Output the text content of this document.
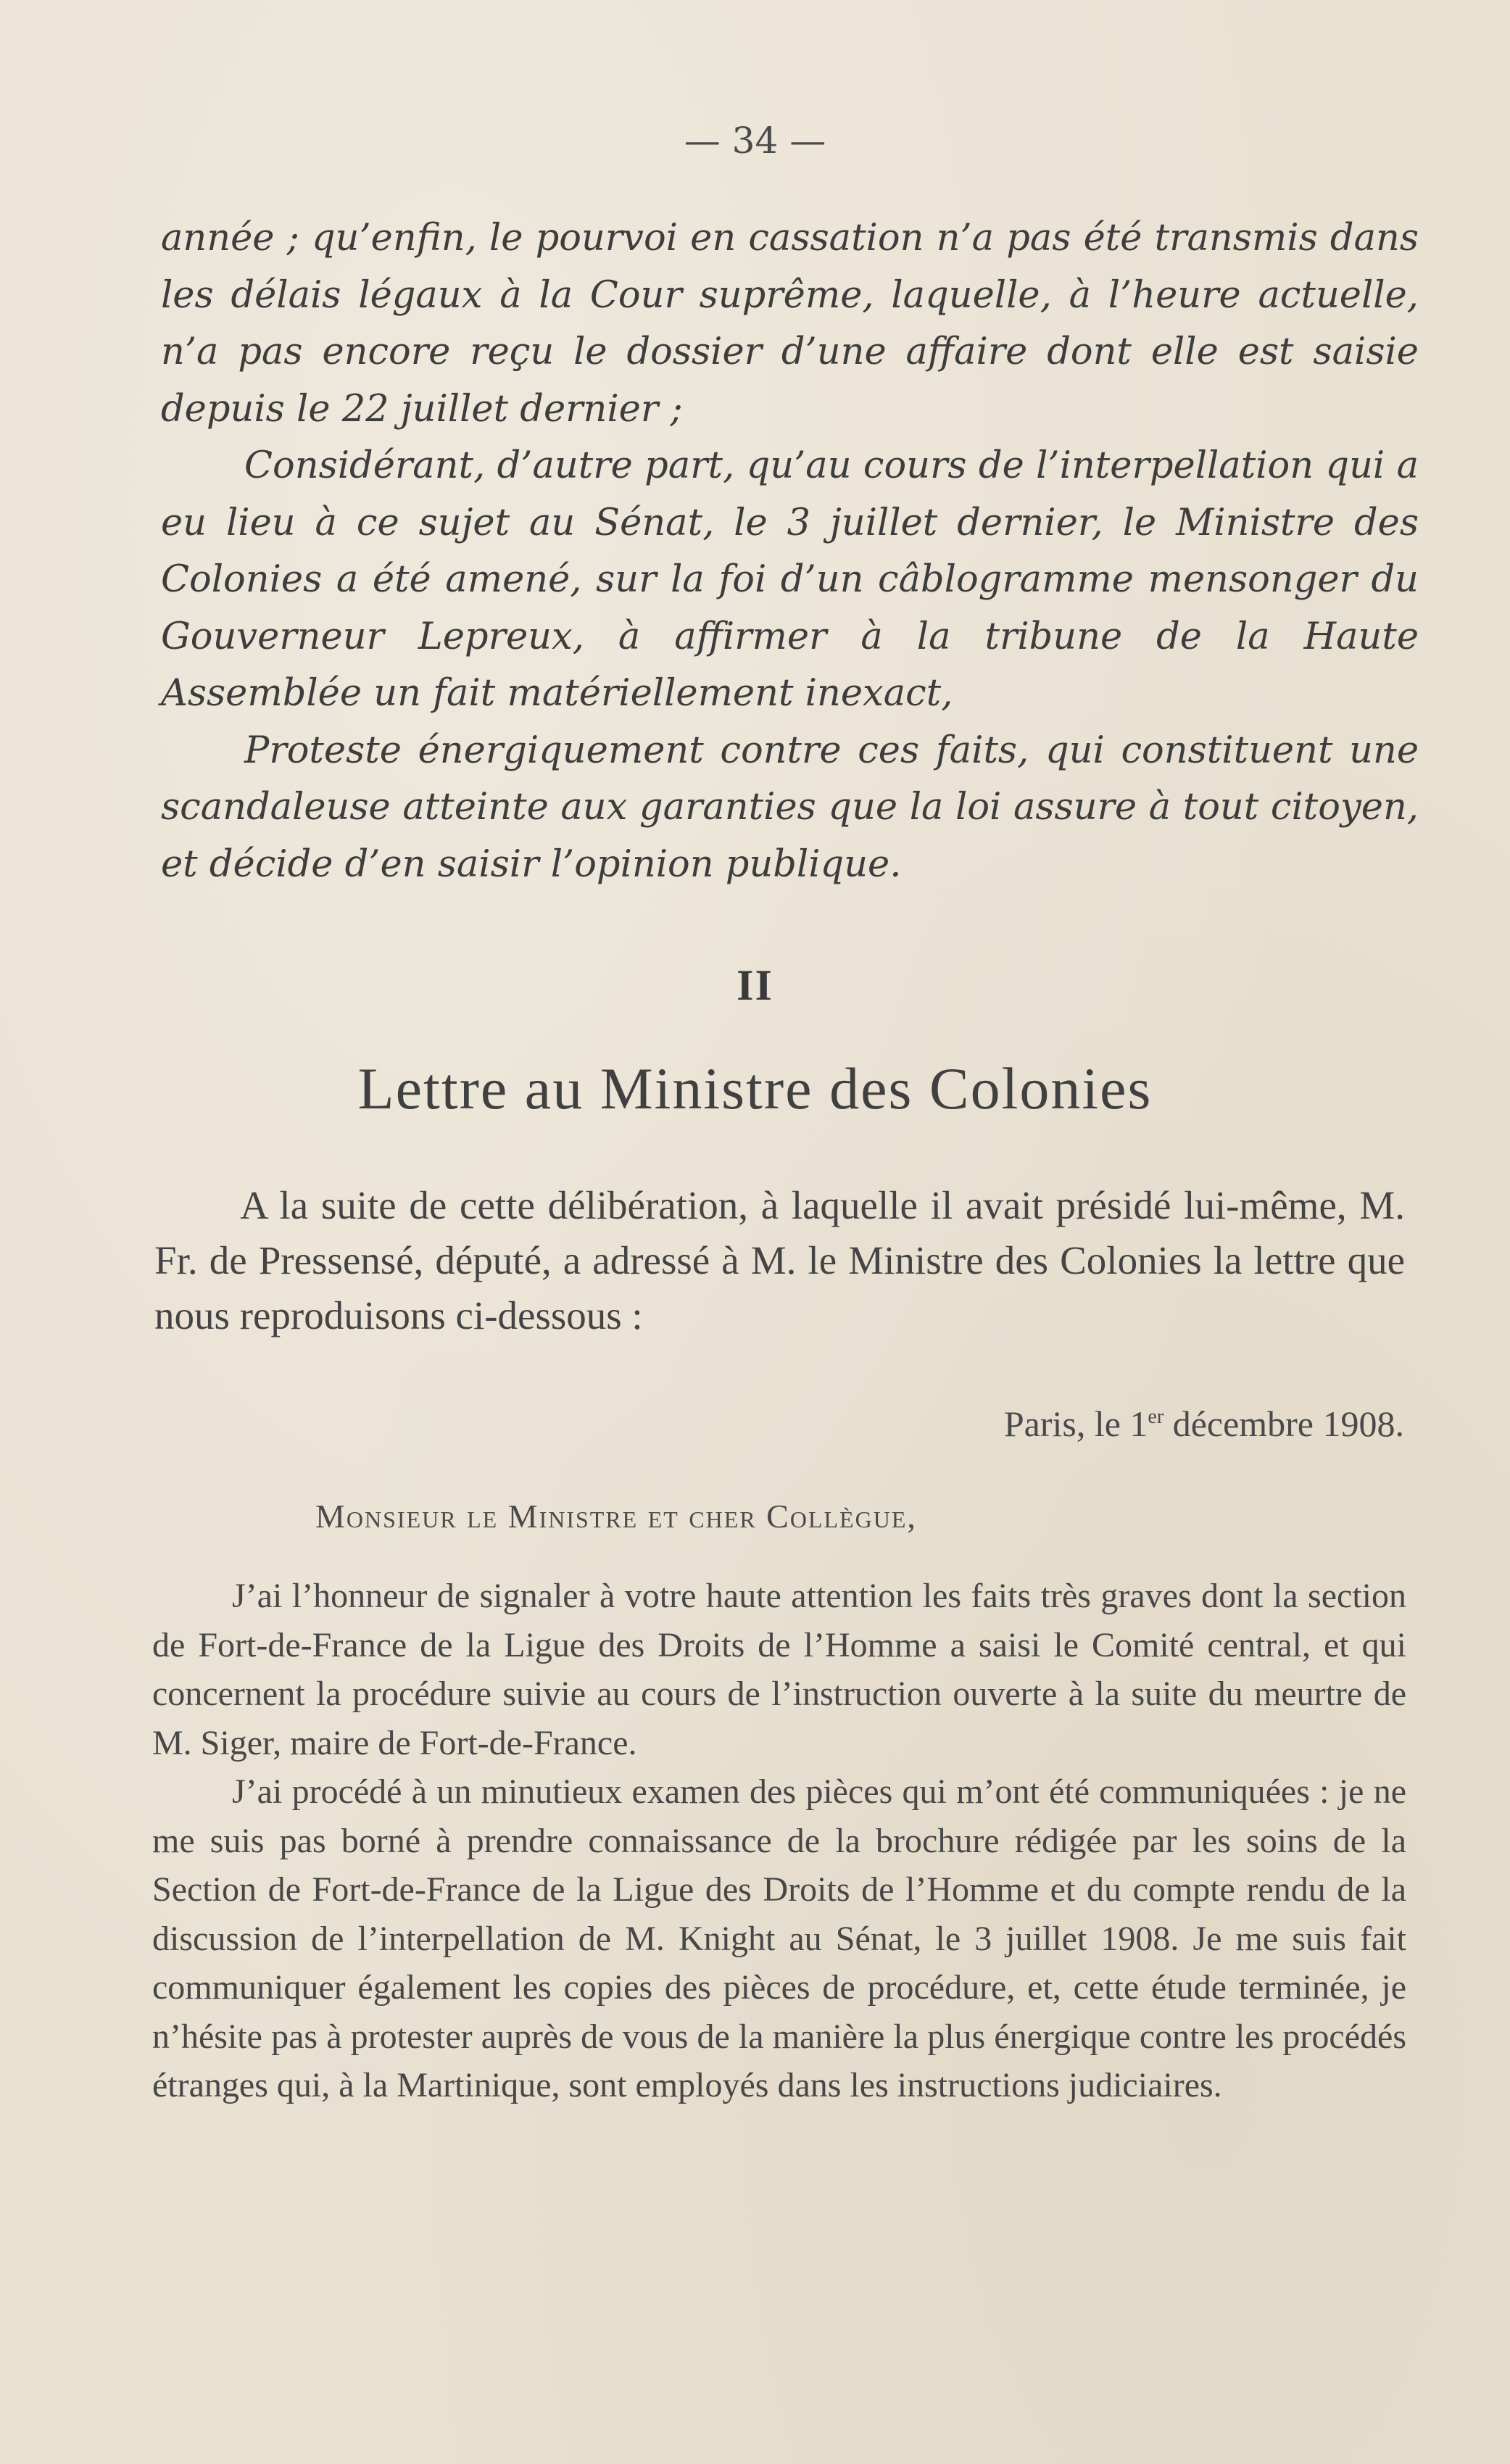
— 34 —

année ; qu’enfin, le pourvoi en cassation n’a pas été transmis dans les délais légaux à la Cour suprême, laquelle, à l’heure actuelle, n’a pas encore reçu le dossier d’une affaire dont elle est saisie depuis le 22 juillet dernier ;

Considérant, d’autre part, qu’au cours de l’interpellation qui a eu lieu à ce sujet au Sénat, le 3 juillet dernier, le Ministre des Colonies a été amené, sur la foi d’un câblogramme mensonger du Gouverneur Lepreux, à affirmer à la tribune de la Haute Assemblée un fait matériellement inexact,

Proteste énergiquement contre ces faits, qui constituent une scandaleuse atteinte aux garanties que la loi assure à tout citoyen, et décide d’en saisir l’opinion publique.

II
Lettre au Ministre des Colonies

A la suite de cette délibération, à laquelle il avait présidé lui-même, M. Fr. de Pressensé, député, a adressé à M. le Ministre des Colonies la lettre que nous reproduisons ci-dessous :

Paris, le 1er décembre 1908.
Monsieur le Ministre et cher Collègue,

J’ai l’honneur de signaler à votre haute attention les faits très graves dont la section de Fort-de-France de la Ligue des Droits de l’Homme a saisi le Comité central, et qui concernent la procédure suivie au cours de l’instruction ouverte à la suite du meurtre de M. Siger, maire de Fort-de-France.

J’ai procédé à un minutieux examen des pièces qui m’ont été communiquées : je ne me suis pas borné à prendre connaissance de la brochure rédigée par les soins de la Section de Fort-de-France de la Ligue des Droits de l’Homme et du compte rendu de la discussion de l’interpellation de M. Knight au Sénat, le 3 juillet 1908. Je me suis fait communiquer également les copies des pièces de procédure, et, cette étude terminée, je n’hésite pas à protester auprès de vous de la manière la plus énergique contre les procédés étranges qui, à la Martinique, sont employés dans les instructions judiciaires.
